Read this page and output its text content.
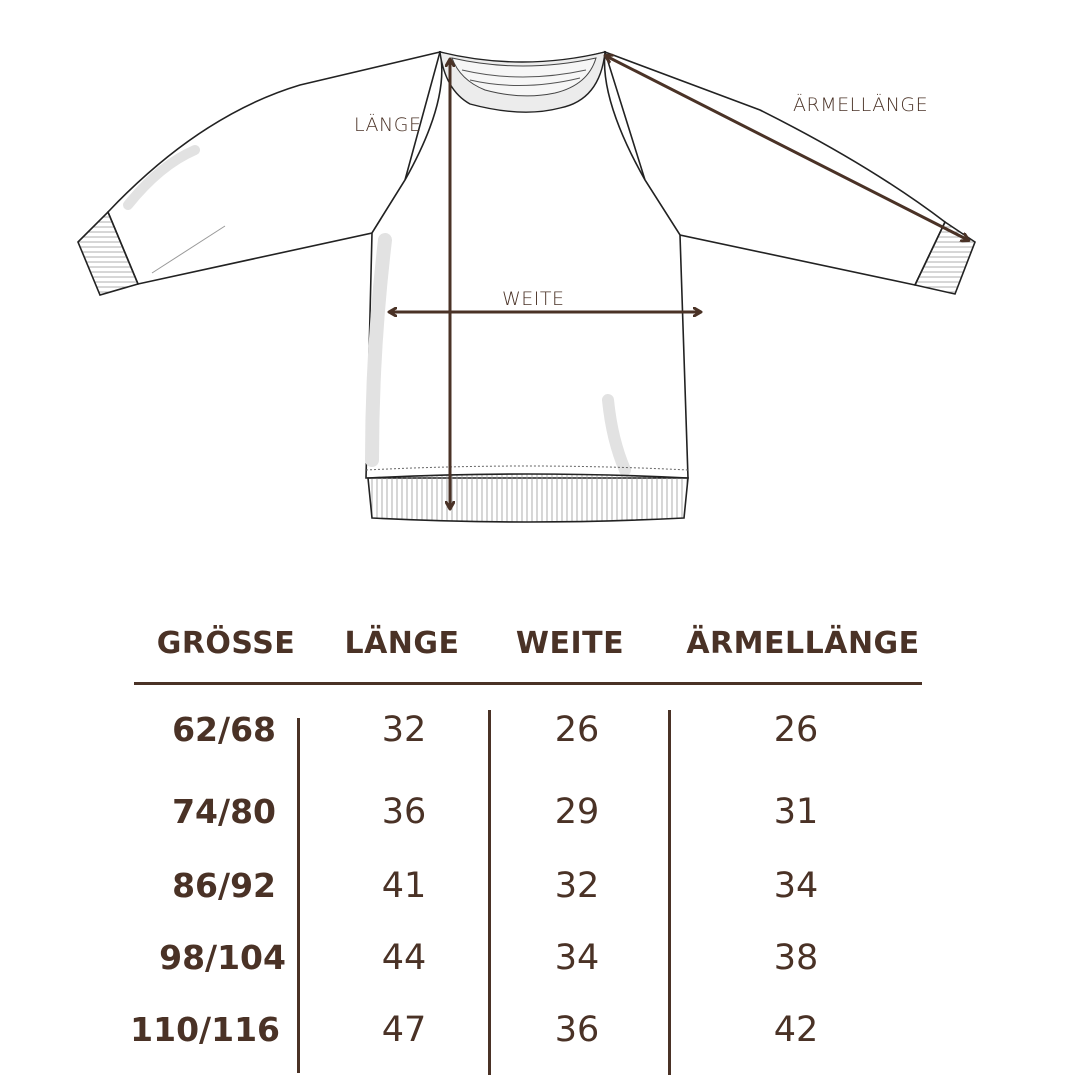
LÄNGE
ÄRMELLÄNGE
WEITE
GRÖSSE	LÄNGE	WEITE	ÄRMELLÄNGE
62/68	32	26	26
74/80	36	29	31
86/92	41	32	34
98/104	44	34	38
110/116	47	36	42
